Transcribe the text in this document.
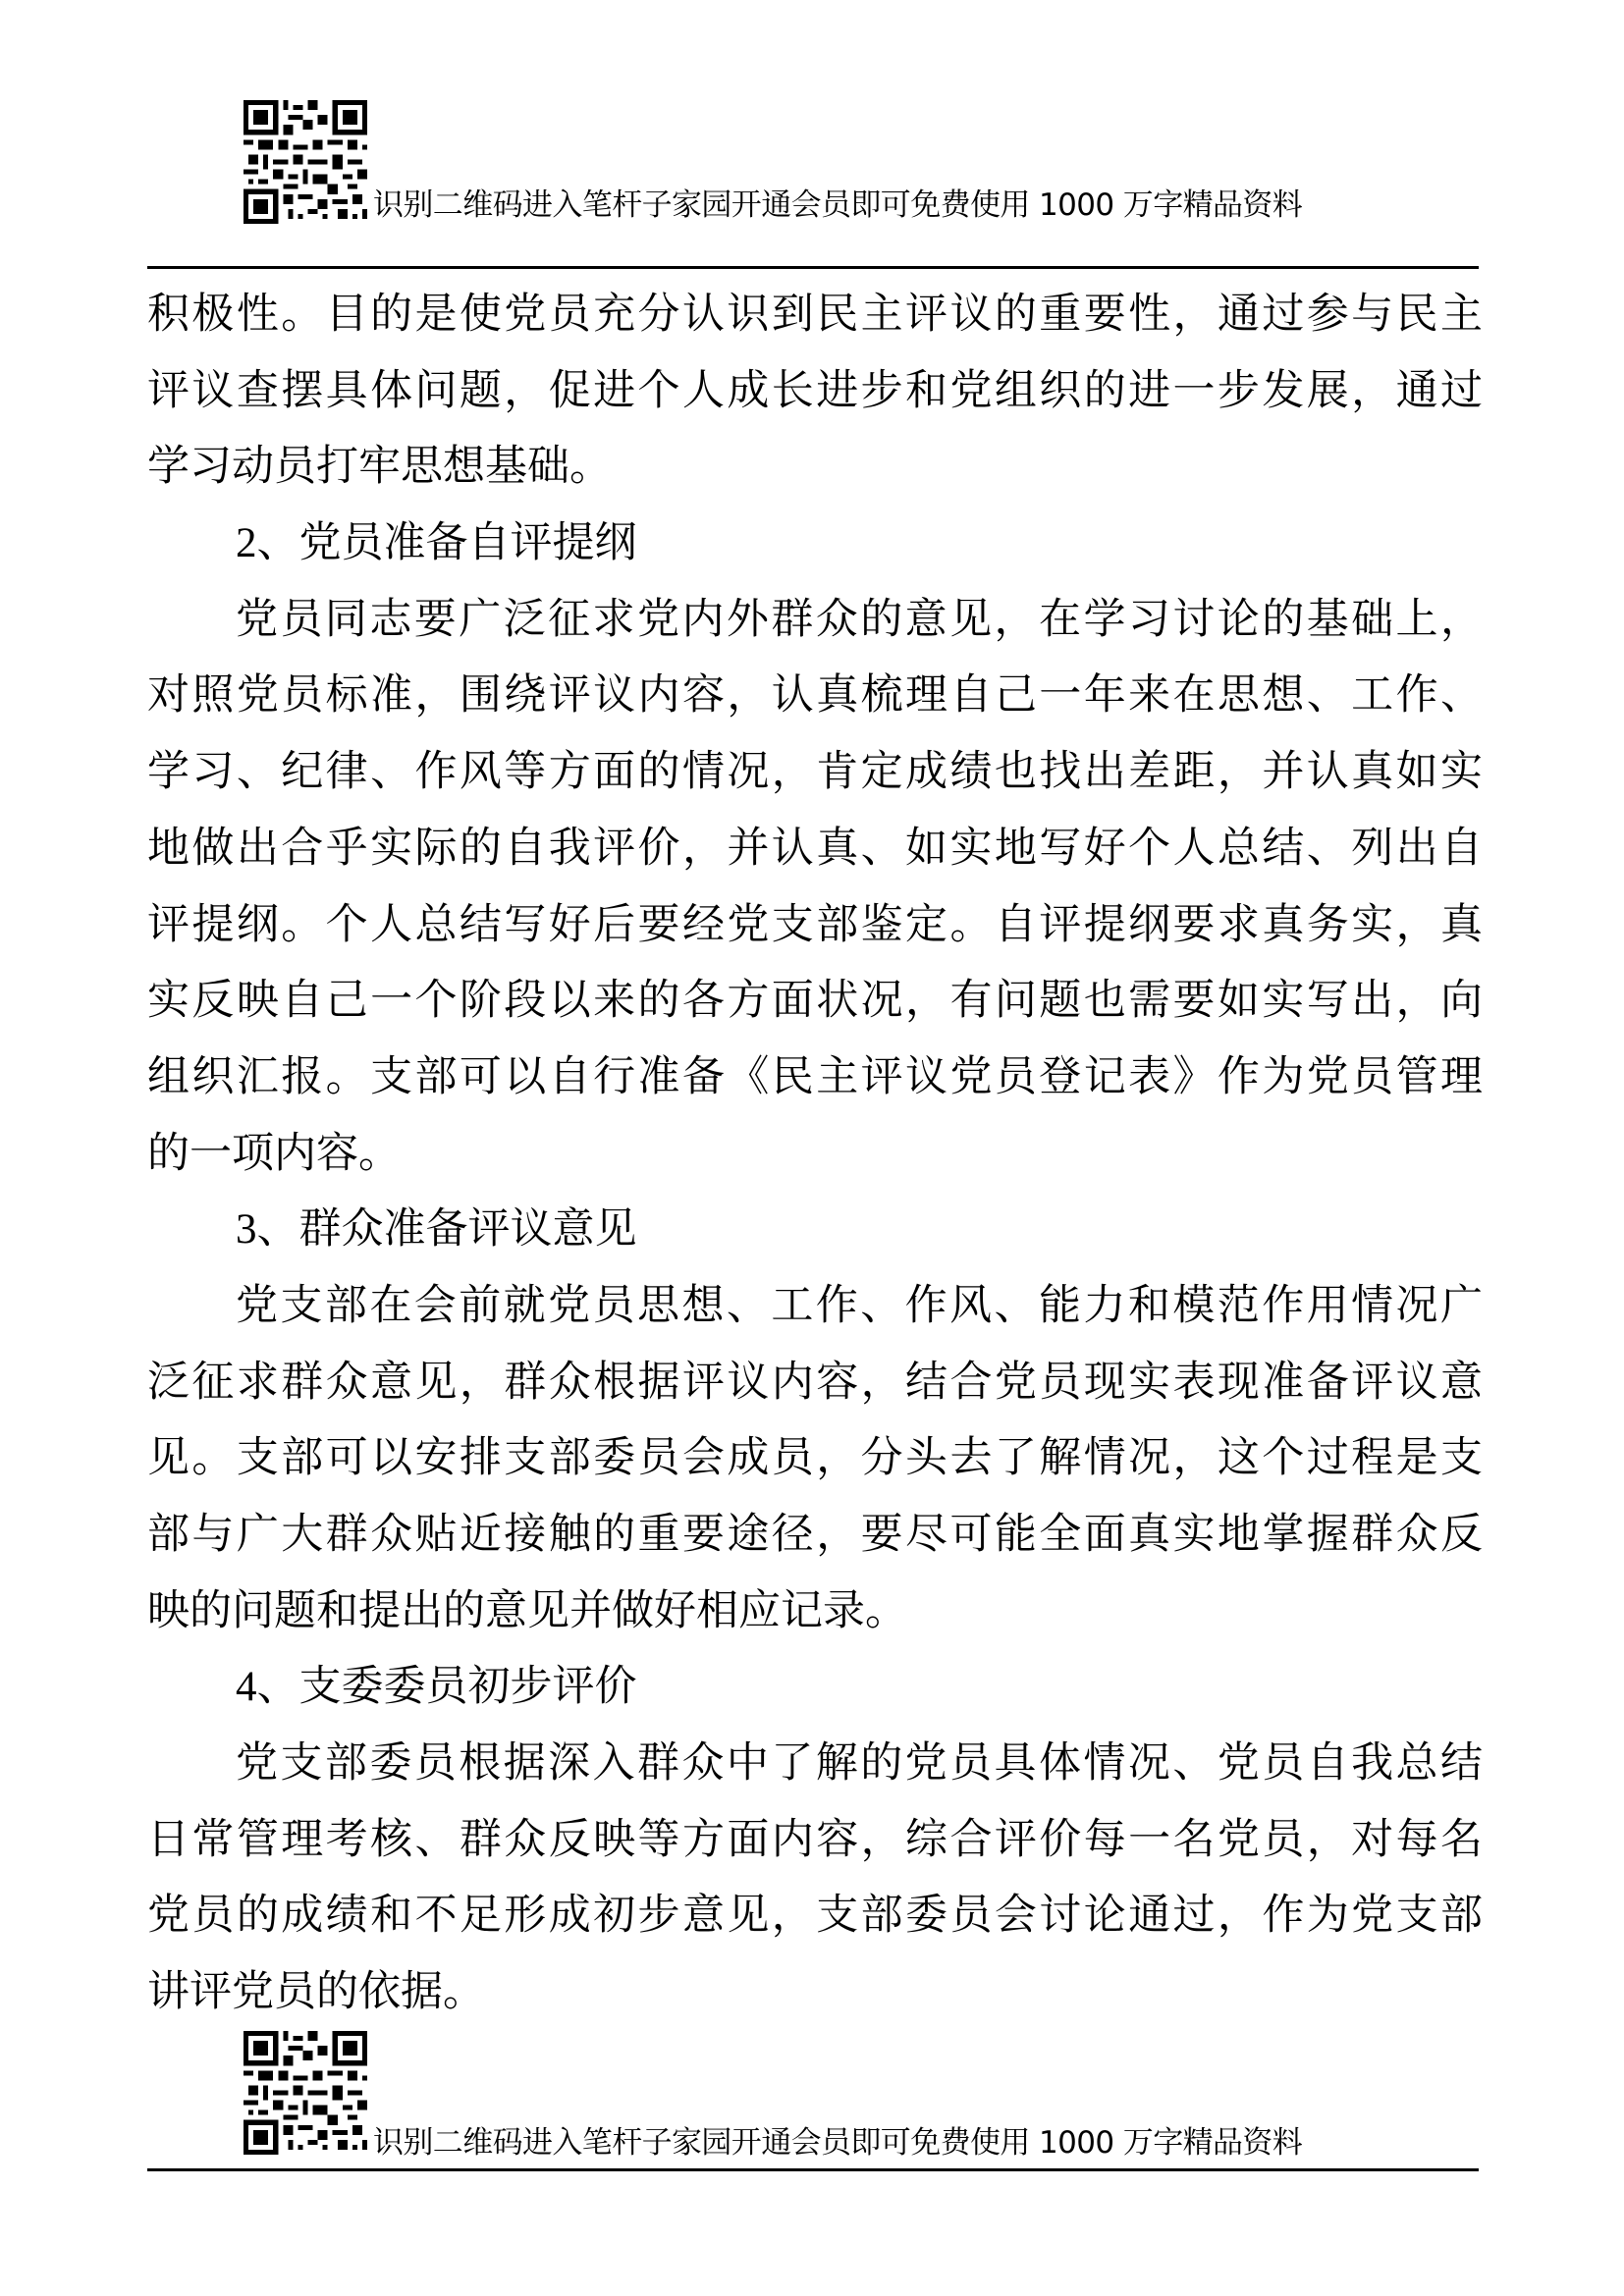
识别二维码进入笔杆子家园开通会员即可免费使用 1000 万字精品资料
积极性。目的是使党员充分认识到民主评议的重要性，通过参与民主
评议查摆具体问题，促进个人成长进步和党组织的进一步发展，通过
学习动员打牢思想基础。
2、党员准备自评提纲
党员同志要广泛征求党内外群众的意见，在学习讨论的基础上，
对照党员标准，围绕评议内容，认真梳理自己一年来在思想、工作、
学习、纪律、作风等方面的情况，肯定成绩也找出差距，并认真如实
地做出合乎实际的自我评价，并认真、如实地写好个人总结、列出自
评提纲。个人总结写好后要经党支部鉴定。自评提纲要求真务实，真
实反映自己一个阶段以来的各方面状况，有问题也需要如实写出，向
组织汇报。支部可以自行准备《民主评议党员登记表》作为党员管理
的一项内容。
3、群众准备评议意见
党支部在会前就党员思想、工作、作风、能力和模范作用情况广
泛征求群众意见，群众根据评议内容，结合党员现实表现准备评议意
见。支部可以安排支部委员会成员，分头去了解情况，这个过程是支
部与广大群众贴近接触的重要途径，要尽可能全面真实地掌握群众反
映的问题和提出的意见并做好相应记录。
4、支委委员初步评价
党支部委员根据深入群众中了解的党员具体情况、党员自我总结
日常管理考核、群众反映等方面内容，综合评价每一名党员，对每名
党员的成绩和不足形成初步意见，支部委员会讨论通过，作为党支部
讲评党员的依据。
识别二维码进入笔杆子家园开通会员即可免费使用 1000 万字精品资料
